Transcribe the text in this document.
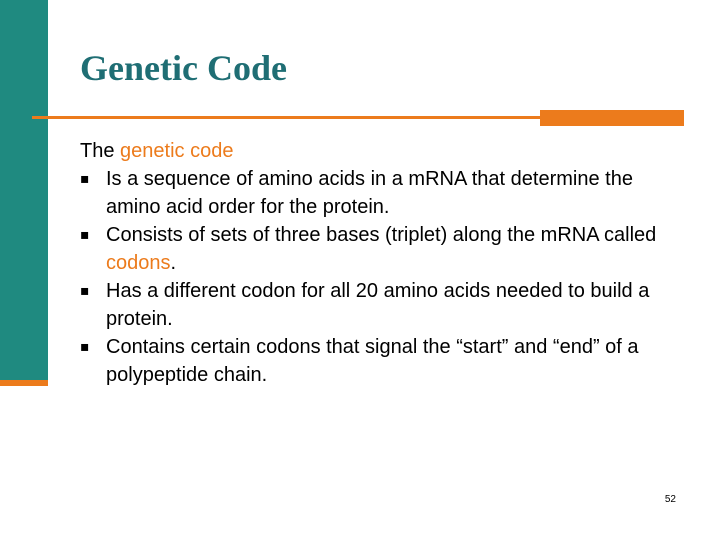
Genetic Code

The genetic code

▪ Is a sequence of amino acids in a mRNA that determine the amino acid order for the protein.
▪ Consists of sets of three bases (triplet) along the mRNA called codons.
▪ Has a different codon for all 20 amino acids needed to build a protein.
▪ Contains certain codons that signal the “start” and “end” of a polypeptide chain.
52
